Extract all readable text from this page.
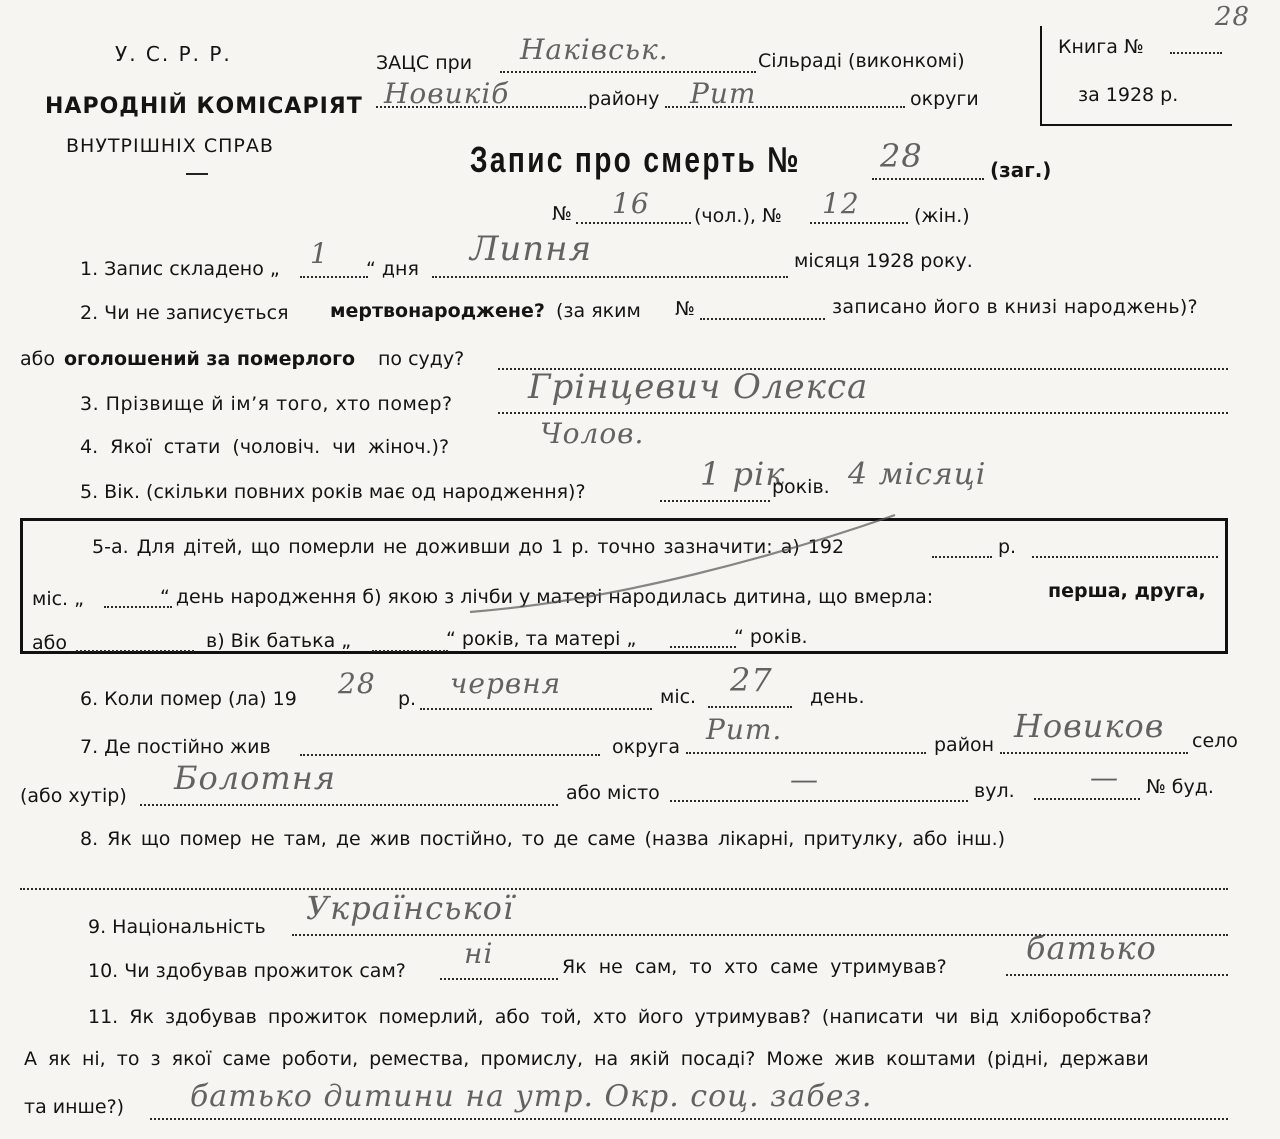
28
У. С. Р. Р.
НАРОДНІЙ КОМІСАРІЯТ
ВНУТРІШНІХ СПРАВ
ЗАЦС при Наківськ.	Сільраді (виконкомі)
Новикіб	району Рит	округи
Книга №
за 1928 р.
Запис про смерть № 28	(заг.)
№ 16 (чол.), № 12	(жін.)
1. Запис складено „ 1 “ дня Липня	місяця 1928 року.
2. Чи не записується мертвонароджене? (за яким №	записано його в книзі народжень)?
або оголошений за померлого по суду?
3. Прізвище й ім’я того, хто помер? Грінцевич Олекса
4. Якої стати (чоловіч. чи жіноч.)?	Чолов.
5. Вік. (скільки повних років має од народження)?	1 рік
років. 4 місяці
5-а. Для дітей, що померли не доживши до 1 р. точно зазначити: а) 192	р.
міс. „	“ день народження б) якою з лічби у матері народилась дитина, що вмерла:	перша, друга,
або	в) Вік батька „	“ років, та матері „	“ років.
6. Коли помер (ла) 19 28 р. червня	міс. 27 день.
7. Де постійно жив	округа
Рит.	район Новиков село
(або хутір) Болотня	або місто	—	вул.	— № буд.
8. Як що помер не там, де жив постійно, то де саме (назва лікарні, притулку, або інш.)
9. Національність Української
10. Чи здобував прожиток сам?
ні	Як не сам, то хто саме утримував? батько
11. Як здобував прожиток померлий, або той, хто його утримував? (написати чи від хліборобства?
А як ні, то з якої саме роботи, ремества, промислу, на якій посаді? Може жив коштами (рідні, держави
та инше?) батько дитини на утр. Окр. соц. забез.
